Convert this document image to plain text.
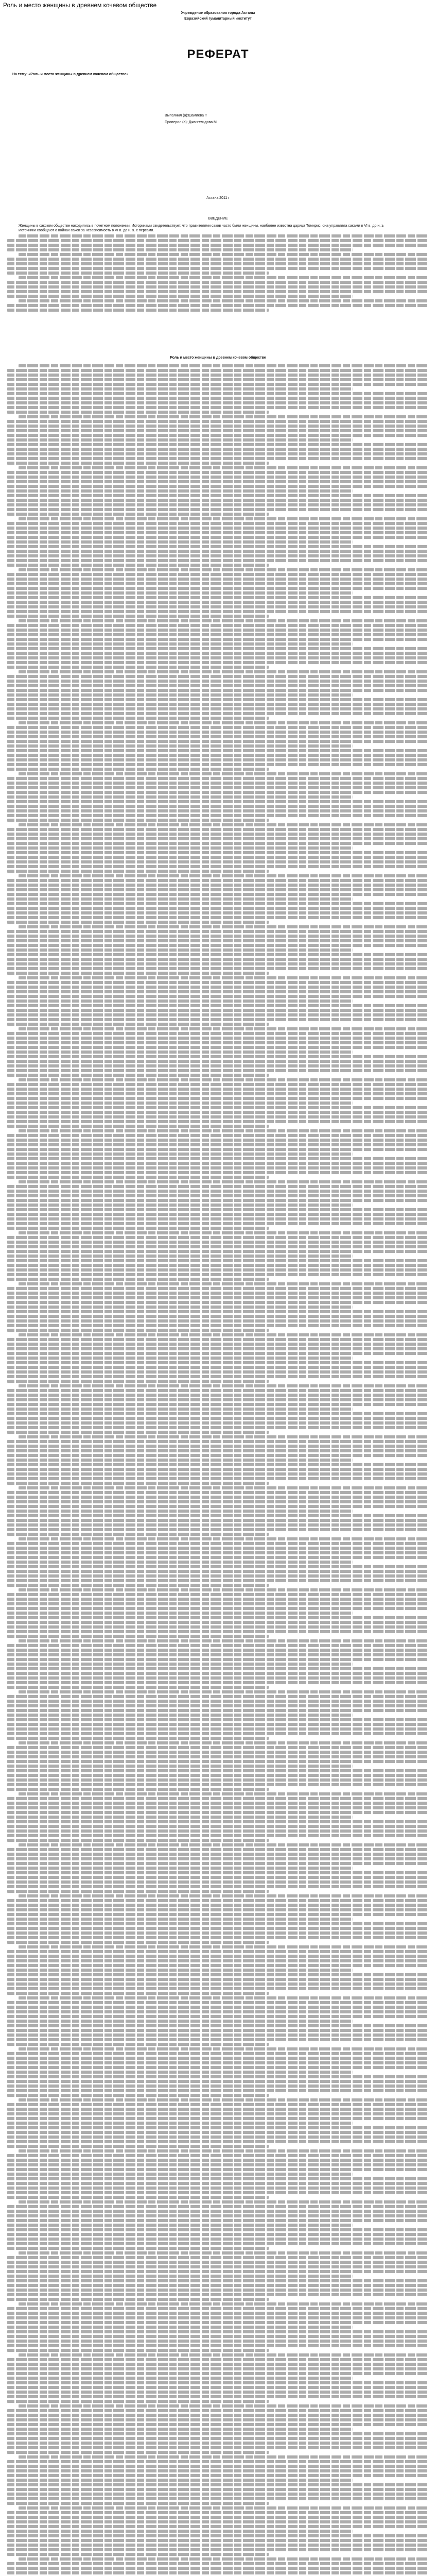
Роль и место женщины в древнем кочевом обществе
Учреждение образования города Астаны
Евразийский гуманитарный институт
РЕФЕРАТ
На тему: «Роль и место женщины в древнем кочевом обществе»
Выполнил (а):Шамиева Т
Проверил (а): Джангельдова М
Астана 2011 г
ВВЕДЕНИЕ

Женщины в сакском обществе находились в почетном положении. Историками свидетельствует, что правителями саков часто были женщины, наиболее известна царица Томирис, она управляла саками в VI в. до н. э.

Источники сообщают о войнах саков за независимость в VI в. до н. э. с персами.

Роль и место женщины в древнем кочевом обществе
